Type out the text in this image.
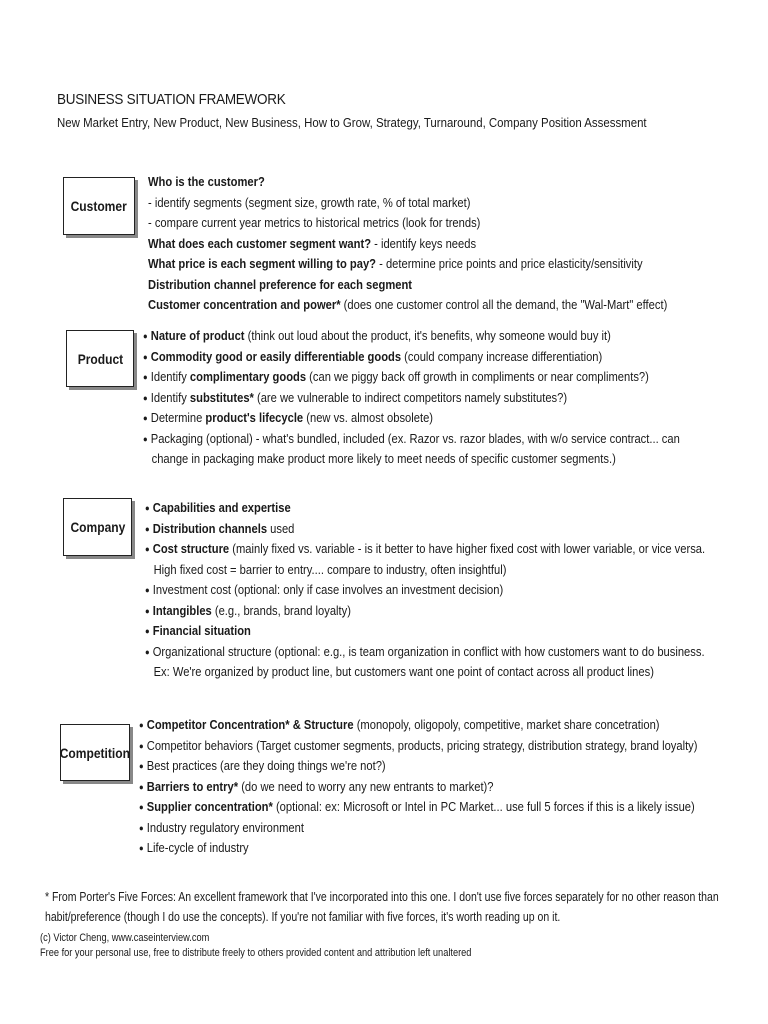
BUSINESS SITUATION FRAMEWORK
New Market Entry, New Product, New Business, How to Grow, Strategy, Turnaround, Company Position Assessment
Customer
Who is the customer?
- identify segments (segment size, growth rate, % of total market)
- compare current year metrics to historical metrics (look for trends)
What does each customer segment want? - identify keys needs
What price is each segment willing to pay? - determine price points and price elasticity/sensitivity
Distribution channel preference for each segment
Customer concentration and power* (does one customer control all the demand, the "Wal-Mart" effect)
Product
● Nature of product (think out loud about the product, it's benefits, why someone would buy it)
● Commodity good or easily differentiable goods (could company increase differentiation)
● Identify complimentary goods (can we piggy back off growth in compliments or near compliments?)
● Identify substitutes* (are we vulnerable to indirect competitors namely substitutes?)
● Determine product's lifecycle (new vs. almost obsolete)
● Packaging (optional) - what's bundled, included (ex. Razor vs. razor blades, with w/o service contract... can
change in packaging make product more likely to meet needs of specific customer segments.)
Company
● Capabilities and expertise
● Distribution channels used
● Cost structure (mainly fixed vs. variable - is it better to have higher fixed cost with lower variable, or vice versa.
High fixed cost = barrier to entry.... compare to industry, often insightful)
● Investment cost (optional: only if case involves an investment decision)
● Intangibles (e.g., brands, brand loyalty)
● Financial situation
● Organizational structure (optional: e.g., is team organization in conflict with how customers want to do business.
Ex: We're organized by product line, but customers want one point of contact across all product lines)
Competition
● Competitor Concentration* & Structure (monopoly, oligopoly, competitive, market share concetration)
● Competitor behaviors (Target customer segments, products, pricing strategy, distribution strategy, brand loyalty)
● Best practices (are they doing things we're not?)
● Barriers to entry* (do we need to worry any new entrants to market)?
● Supplier concentration* (optional: ex: Microsoft or Intel in PC Market... use full 5 forces if this is a likely issue)
● Industry regulatory environment
● Life-cycle of industry
* From Porter's Five Forces: An excellent framework that I've incorporated into this one. I don't use five forces separately for no other reason than
habit/preference (though I do use the concepts). If you're not familiar with five forces, it's worth reading up on it.
(c) Victor Cheng, www.caseinterview.com
Free for your personal use, free to distribute freely to others provided content and attribution left unaltered
